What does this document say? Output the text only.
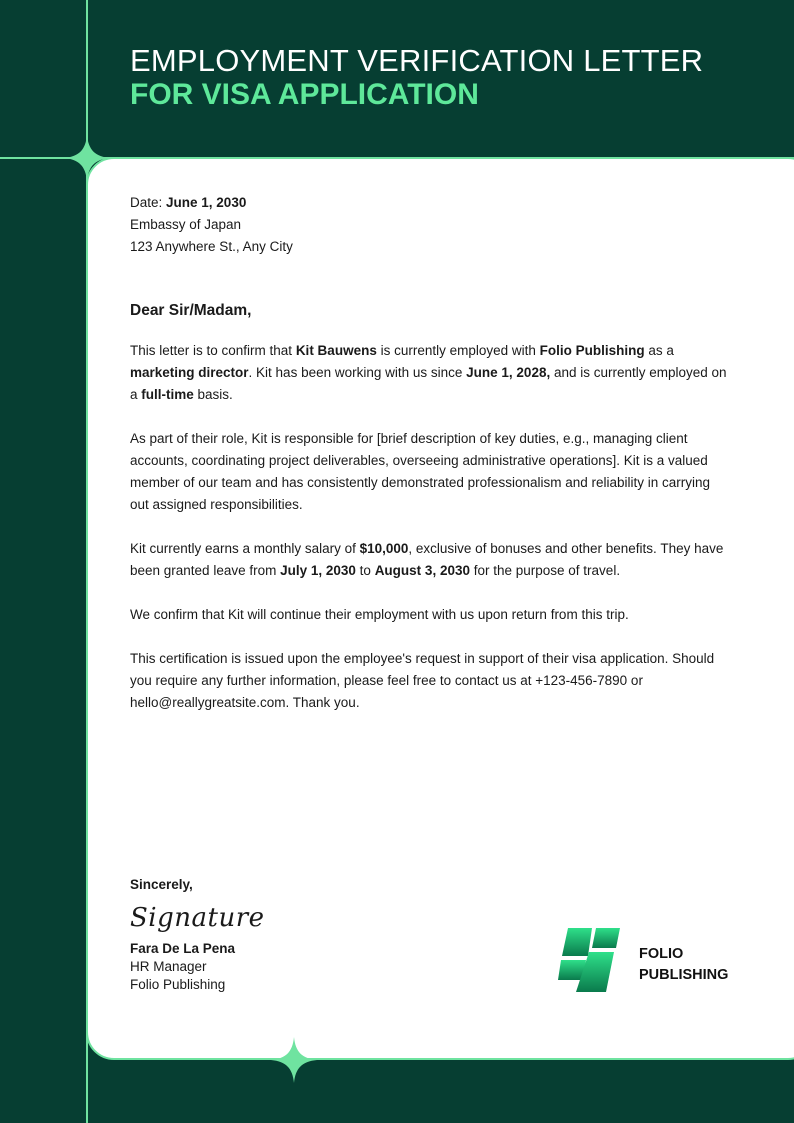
EMPLOYMENT VERIFICATION LETTER
FOR VISA APPLICATION

Date: June 1, 2030

Embassy of Japan

123 Anywhere St., Any City

Dear Sir/Madam,

This letter is to confirm that Kit Bauwens is currently employed with Folio Publishing as a marketing director. Kit has been working with us since June 1, 2028, and is currently employed on a full-time basis.

As part of their role, Kit is responsible for [brief description of key duties, e.g., managing client accounts, coordinating project deliverables, overseeing administrative operations]. Kit is a valued member of our team and has consistently demonstrated professionalism and reliability in carrying out assigned responsibilities.

Kit currently earns a monthly salary of $10,000, exclusive of bonuses and other benefits. They have been granted leave from July 1, 2030 to August 3, 2030 for the purpose of travel.

We confirm that Kit will continue their employment with us upon return from this trip.

This certification is issued upon the employee's request in support of their visa application. Should you require any further information, please feel free to contact us at +123-456-7890 or hello@reallygreatsite.com. Thank you.

Sincerely,
Signature
Fara De La Pena
HR Manager
Folio Publishing
FOLIO
PUBLISHING
